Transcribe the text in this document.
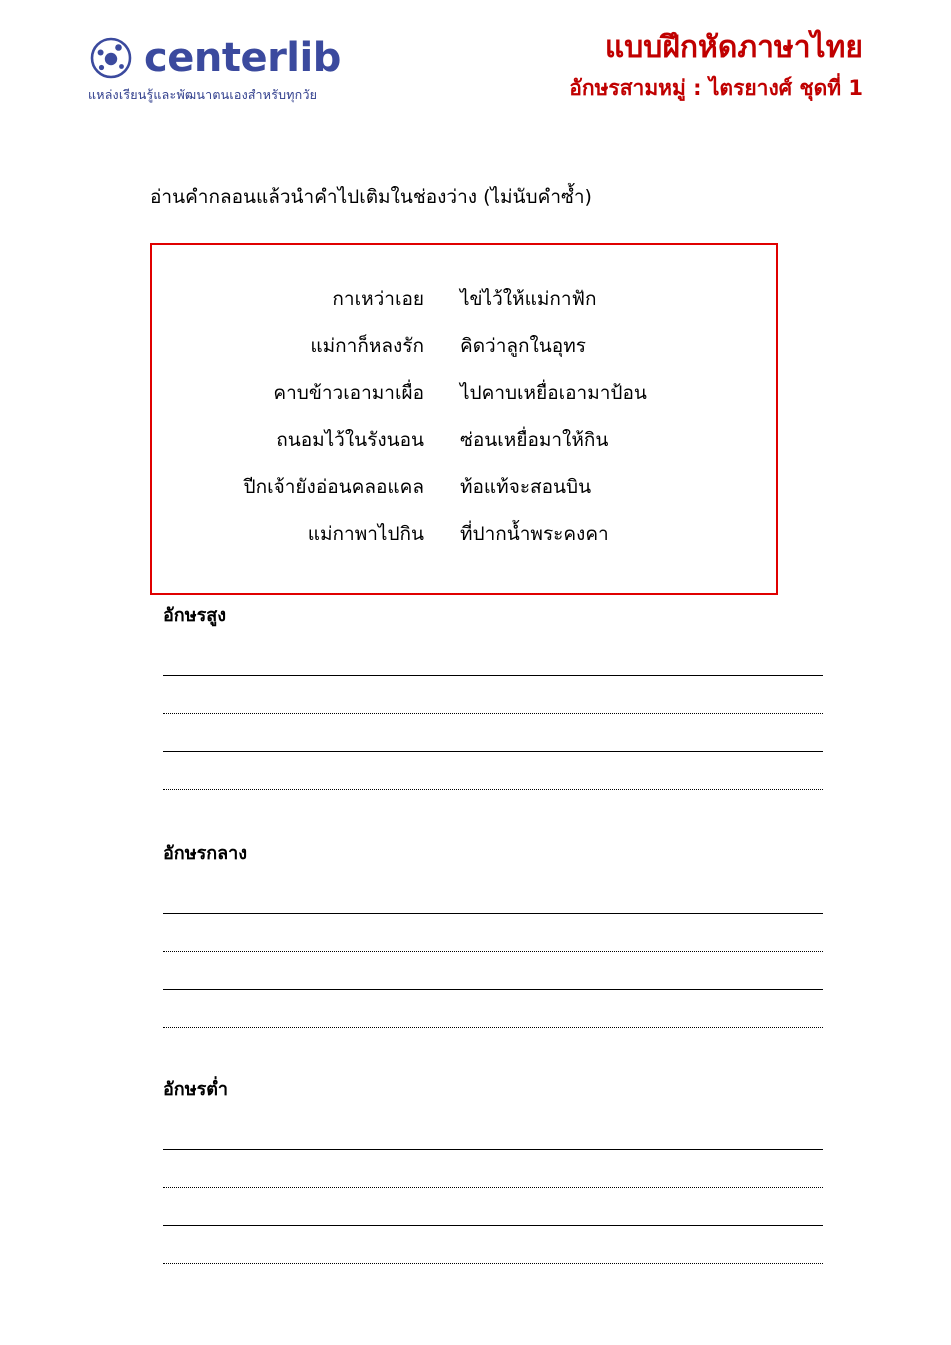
centerlib
แหล่งเรียนรู้และพัฒนาตนเองสำหรับทุกวัย
แบบฝึกหัดภาษาไทย
อักษรสามหมู่ : ไตรยางศ์ ชุดที่ 1
อ่านคำกลอนแล้วนำคำไปเติมในช่องว่าง (ไม่นับคำซ้ำ)
กาเหว่าเอย	ไข่ไว้ให้แม่กาฟัก
แม่กาก็หลงรัก	คิดว่าลูกในอุทร
คาบข้าวเอามาเผื่อ	ไปคาบเหยื่อเอามาป้อน
ถนอมไว้ในรังนอน	ซ่อนเหยื่อมาให้กิน
ปีกเจ้ายังอ่อนคลอแคล	ท้อแท้จะสอนบิน
แม่กาพาไปกิน	ที่ปากน้ำพระคงคา
อักษรสูง
อักษรกลาง
อักษรต่ำ
